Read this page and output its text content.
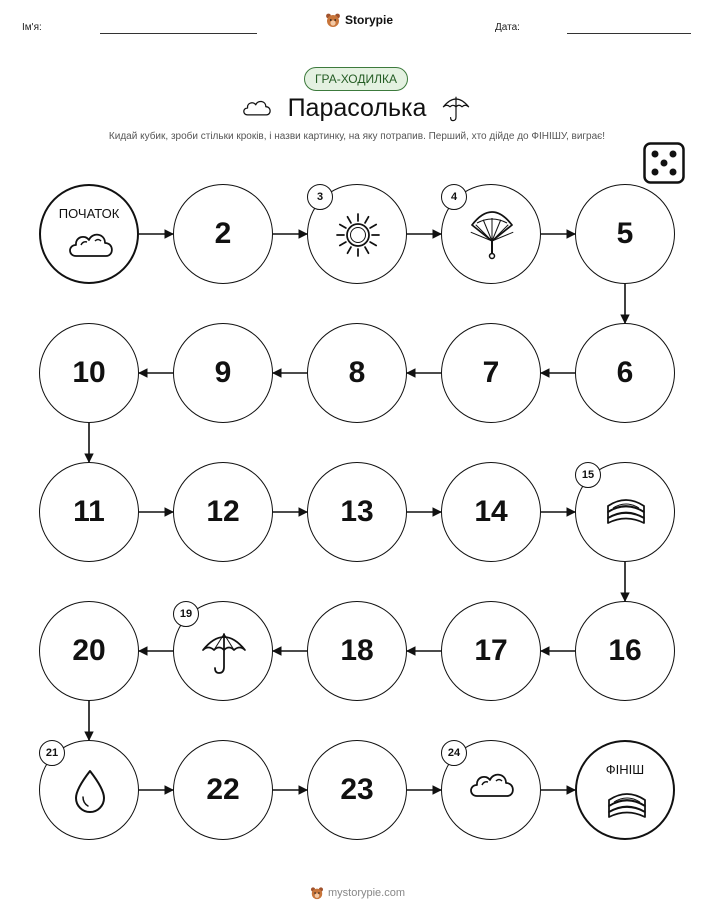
Ім'я:	Дата:
Storypie
ГРА-ХОДИЛКА
Парасолька
Кидай кубик, зроби стільки кроків, і назви картинку, на яку потрапив. Перший, хто дійде до ФІНІШУ, виграє!
ПОЧАТОК
2
3	4
5
6
7
8
9
10
11	12	13	14
15
16
17
18
19
20
21
22	23
24
ФІНІШ
mystorypie.com
